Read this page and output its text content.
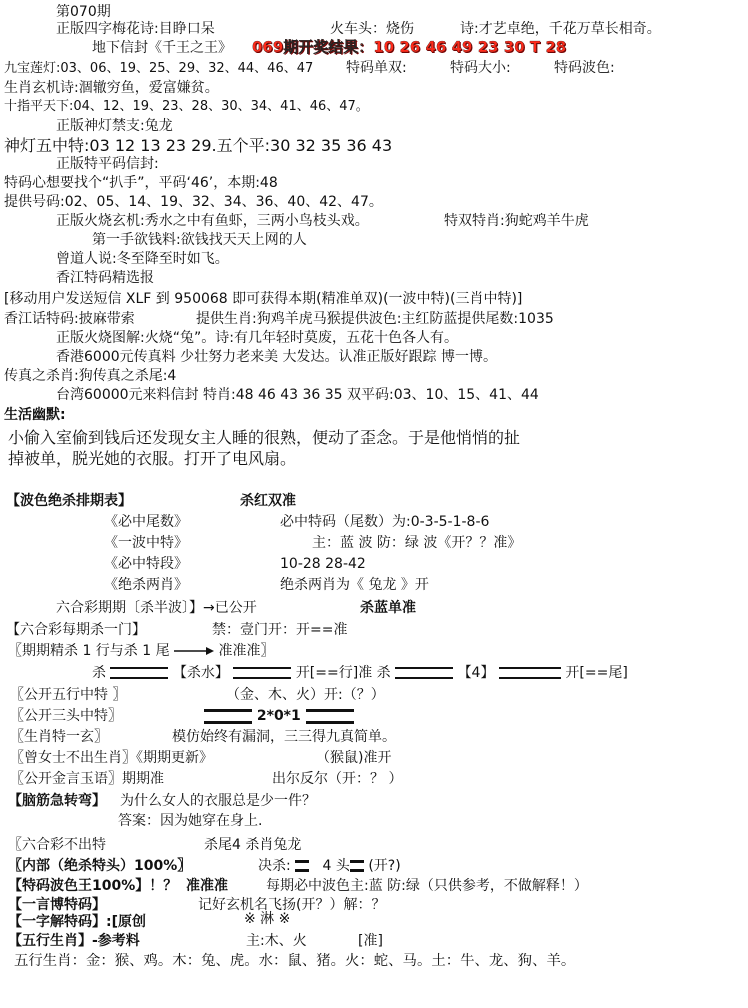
第070期
正版四字梅花诗:目睁口呆	火车头：烧伤	诗:才艺卓绝，千花万草长相奇。
地下信封《千王之王》 069期开奖结果：10 26 46 49 23 30 T 28
九宝莲灯:03、06、19、25、29、32、44、46、47 特码单双:	特码大小:	特码波色:
生肖玄机诗:涸辙穷鱼，爱富嫌贫。
十指平天下:04、12、19、23、28、30、34、41、46、47。
正版神灯禁支:兔龙
神灯五中特:03 12 13 23 29.五个平:30 32 35 36 43
正版特平码信封:
特码心想要找个“扒手”，平码‘46’，本期:48
提供号码:02、05、14、19、32、34、36、40、42、47。
正版火烧玄机:秀水之中有鱼虾，三两小鸟枝头戏。	特双特肖:狗蛇鸡羊牛虎
第一手欲钱料:欲钱找天天上网的人
曾道人说:冬至降至时如飞。
香江特码精选报
[移动用户发送短信 XLF 到 950068 即可获得本期(精准单双)(一波中特)(三肖中特)]
香江话特码:披麻带索	提供生肖:狗鸡羊虎马猴提供波色:主红防蓝提供尾数:1035
正版火烧图解:火烧“兔”。诗:有几年轻时莫废，五花十色各人有。
香港6000元传真料 少壮努力老来美 大发达。认准正版好跟踪 博一博。
传真之杀肖:狗传真之杀尾:4
台湾60000元来料信封 特肖:48 46 43 36 35 双平码:03、10、15、41、44
生活幽默:
小偷入室偷到钱后还发现女主人睡的很熟，便动了歪念。于是他悄悄的扯
掉被单，脱光她的衣服。打开了电风扇。
【波色绝杀排期表】	杀红双准
《必中尾数》	必中特码（尾数）为:0-3-5-1-8-6
《一波中特》	主：蓝 波 防：绿 波《开？？准》
《必中特段》	10-28 28-42
《绝杀两肖》	绝杀两肖为《 兔龙 》开
六合彩期期〔杀半波〕】→已公开	杀蓝单准
【六合彩每期杀一门】	禁：壹门开：开==准
〖期期精杀 1 行与杀 1 尾	准准准〗
杀	【杀水】	开[==行]准 杀	【4】	开[==尾]
〖公开五行中特 〗	（金、木、火）开:（？）
〖公开三头中特〗	2*0*1
〖生肖特一玄〗	模仿始终有漏洞，三三得九真简单。
〖曾女士不出生肖〗《期期更新》	（猴鼠)准开
〖公开金言玉语〗期期准	出尔反尔（开：？ ）
【脑筋急转弯】 为什么女人的衣服总是少一件？
答案：因为她穿在身上.
〖六合彩不出特	杀尾4 杀肖兔龙
〖内部（绝杀特头）100%〗	决杀: 4 头 (开?)
【特码波色王100%】！？ 准准准	每期必中波色主:蓝 防:绿（只供参考，不做解释！）
【一言博特码】	记好玄机名飞扬(开？）解：？
【一字解特码】:[原创	※ 淋 ※
【五行生肖】-参考料	主:木、火	[准]
五行生肖：金：猴、鸡。木：兔、虎。水：鼠、猪。火：蛇、马。土：牛、龙、狗、羊。
